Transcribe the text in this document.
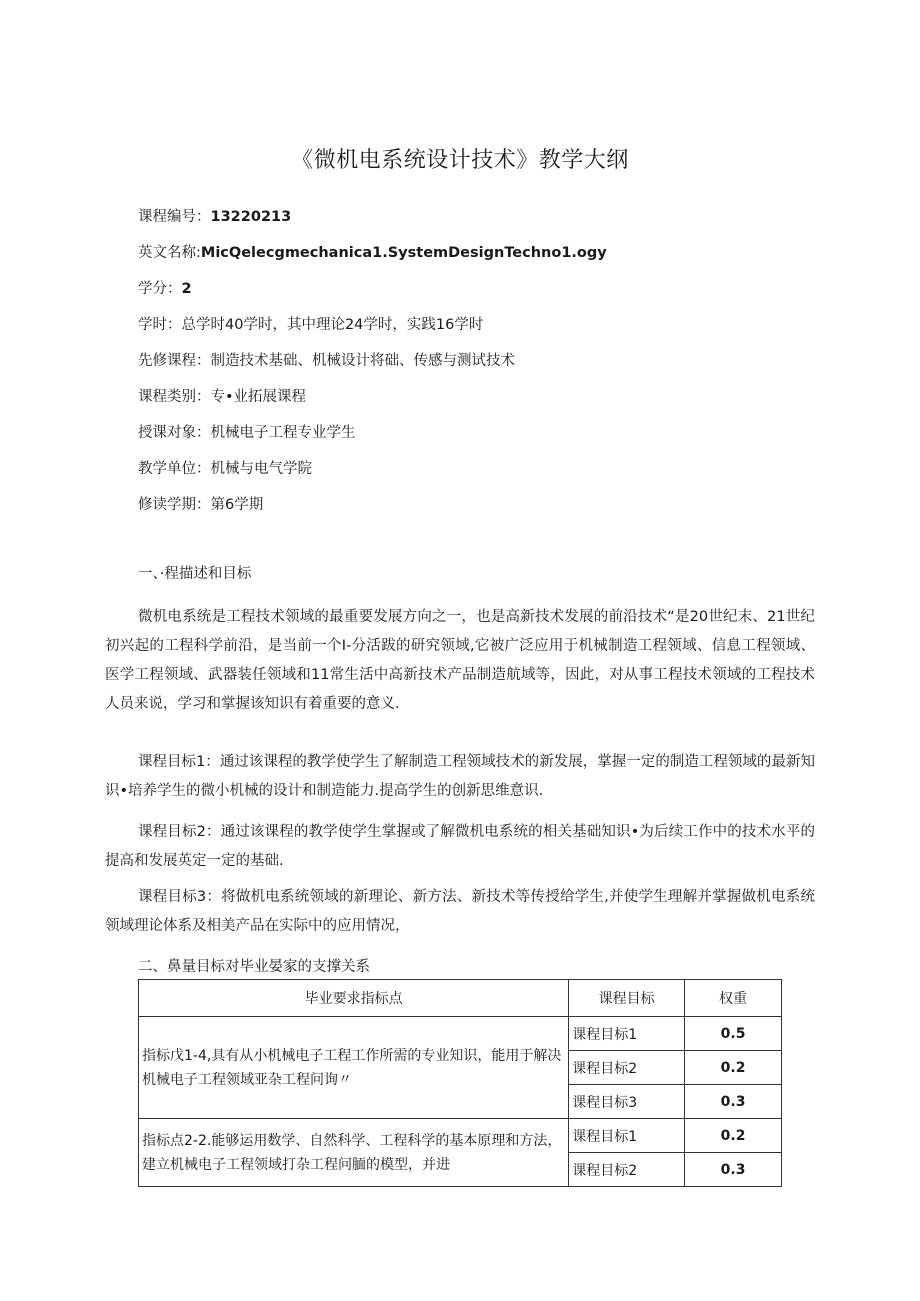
《微机电系统设计技术》教学大纲
课程编号：13220213
英文名称:MicQelecgmechanica1.SystemDesignTechno1.ogy
学分：2
学时：总学时40学时，其中理论24学时，实践16学时
先修课程：制造技术基础、机械设计将础、传感与测试技术
课程类别：专•业拓展课程
授课对象：机械电子工程专业学生
教学单位：机械与电气学院
修读学期：第6学期
一、·程描述和目标
微机电系统是工程技术领域的最重要发展方向之一，也是高新技术发展的前沿技术“是20世纪末、21世纪初兴起的工程科学前沿，是当前一个I-分活跋的研究领域,它被广泛应用于机械制造工程领域、信息工程领域、医学工程领域、武器装任领域和11常生活中高新技术产品制造航域等，因此，对从事工程技术领域的工程技术人员来说，学习和掌握该知识有着重要的意义.
课程目标1：通过该课程的教学使学生了解制造工程领域技术的新发展，掌握一定的制造工程领域的最新知识•培养学生的微小机械的设计和制造能力.提高学生的创新思维意识.
课程目标2：通过该课程的教学使学生掌握或了解微机电系统的相关基础知识•为后续工作中的技术水平的提高和发展英定一定的基础.
课程目标3：将做机电系统领域的新理论、新方法、新技术等传授给学生,并使学生理解并掌握做机电系统领域理论体系及相美产品在实际中的应用情况，
二、鼻量目标对毕业晏家的支撑关系
毕业要求指标点	课程目标	权重
指标戊1-4,具有从小机械电子工程工作所需的专业知识，能用于解决机械电子工程领域亚杂工程问询〃	课程目标1	0.5
	课程目标2	0.2
	课程目标3	0.3
指标点2-2.能够运用数学、自然科学、工程科学的基本原理和方法，建立机械电子工程领域打杂工程问腼的模型，并进	课程目标1	0.2
	课程目标2	0.3
